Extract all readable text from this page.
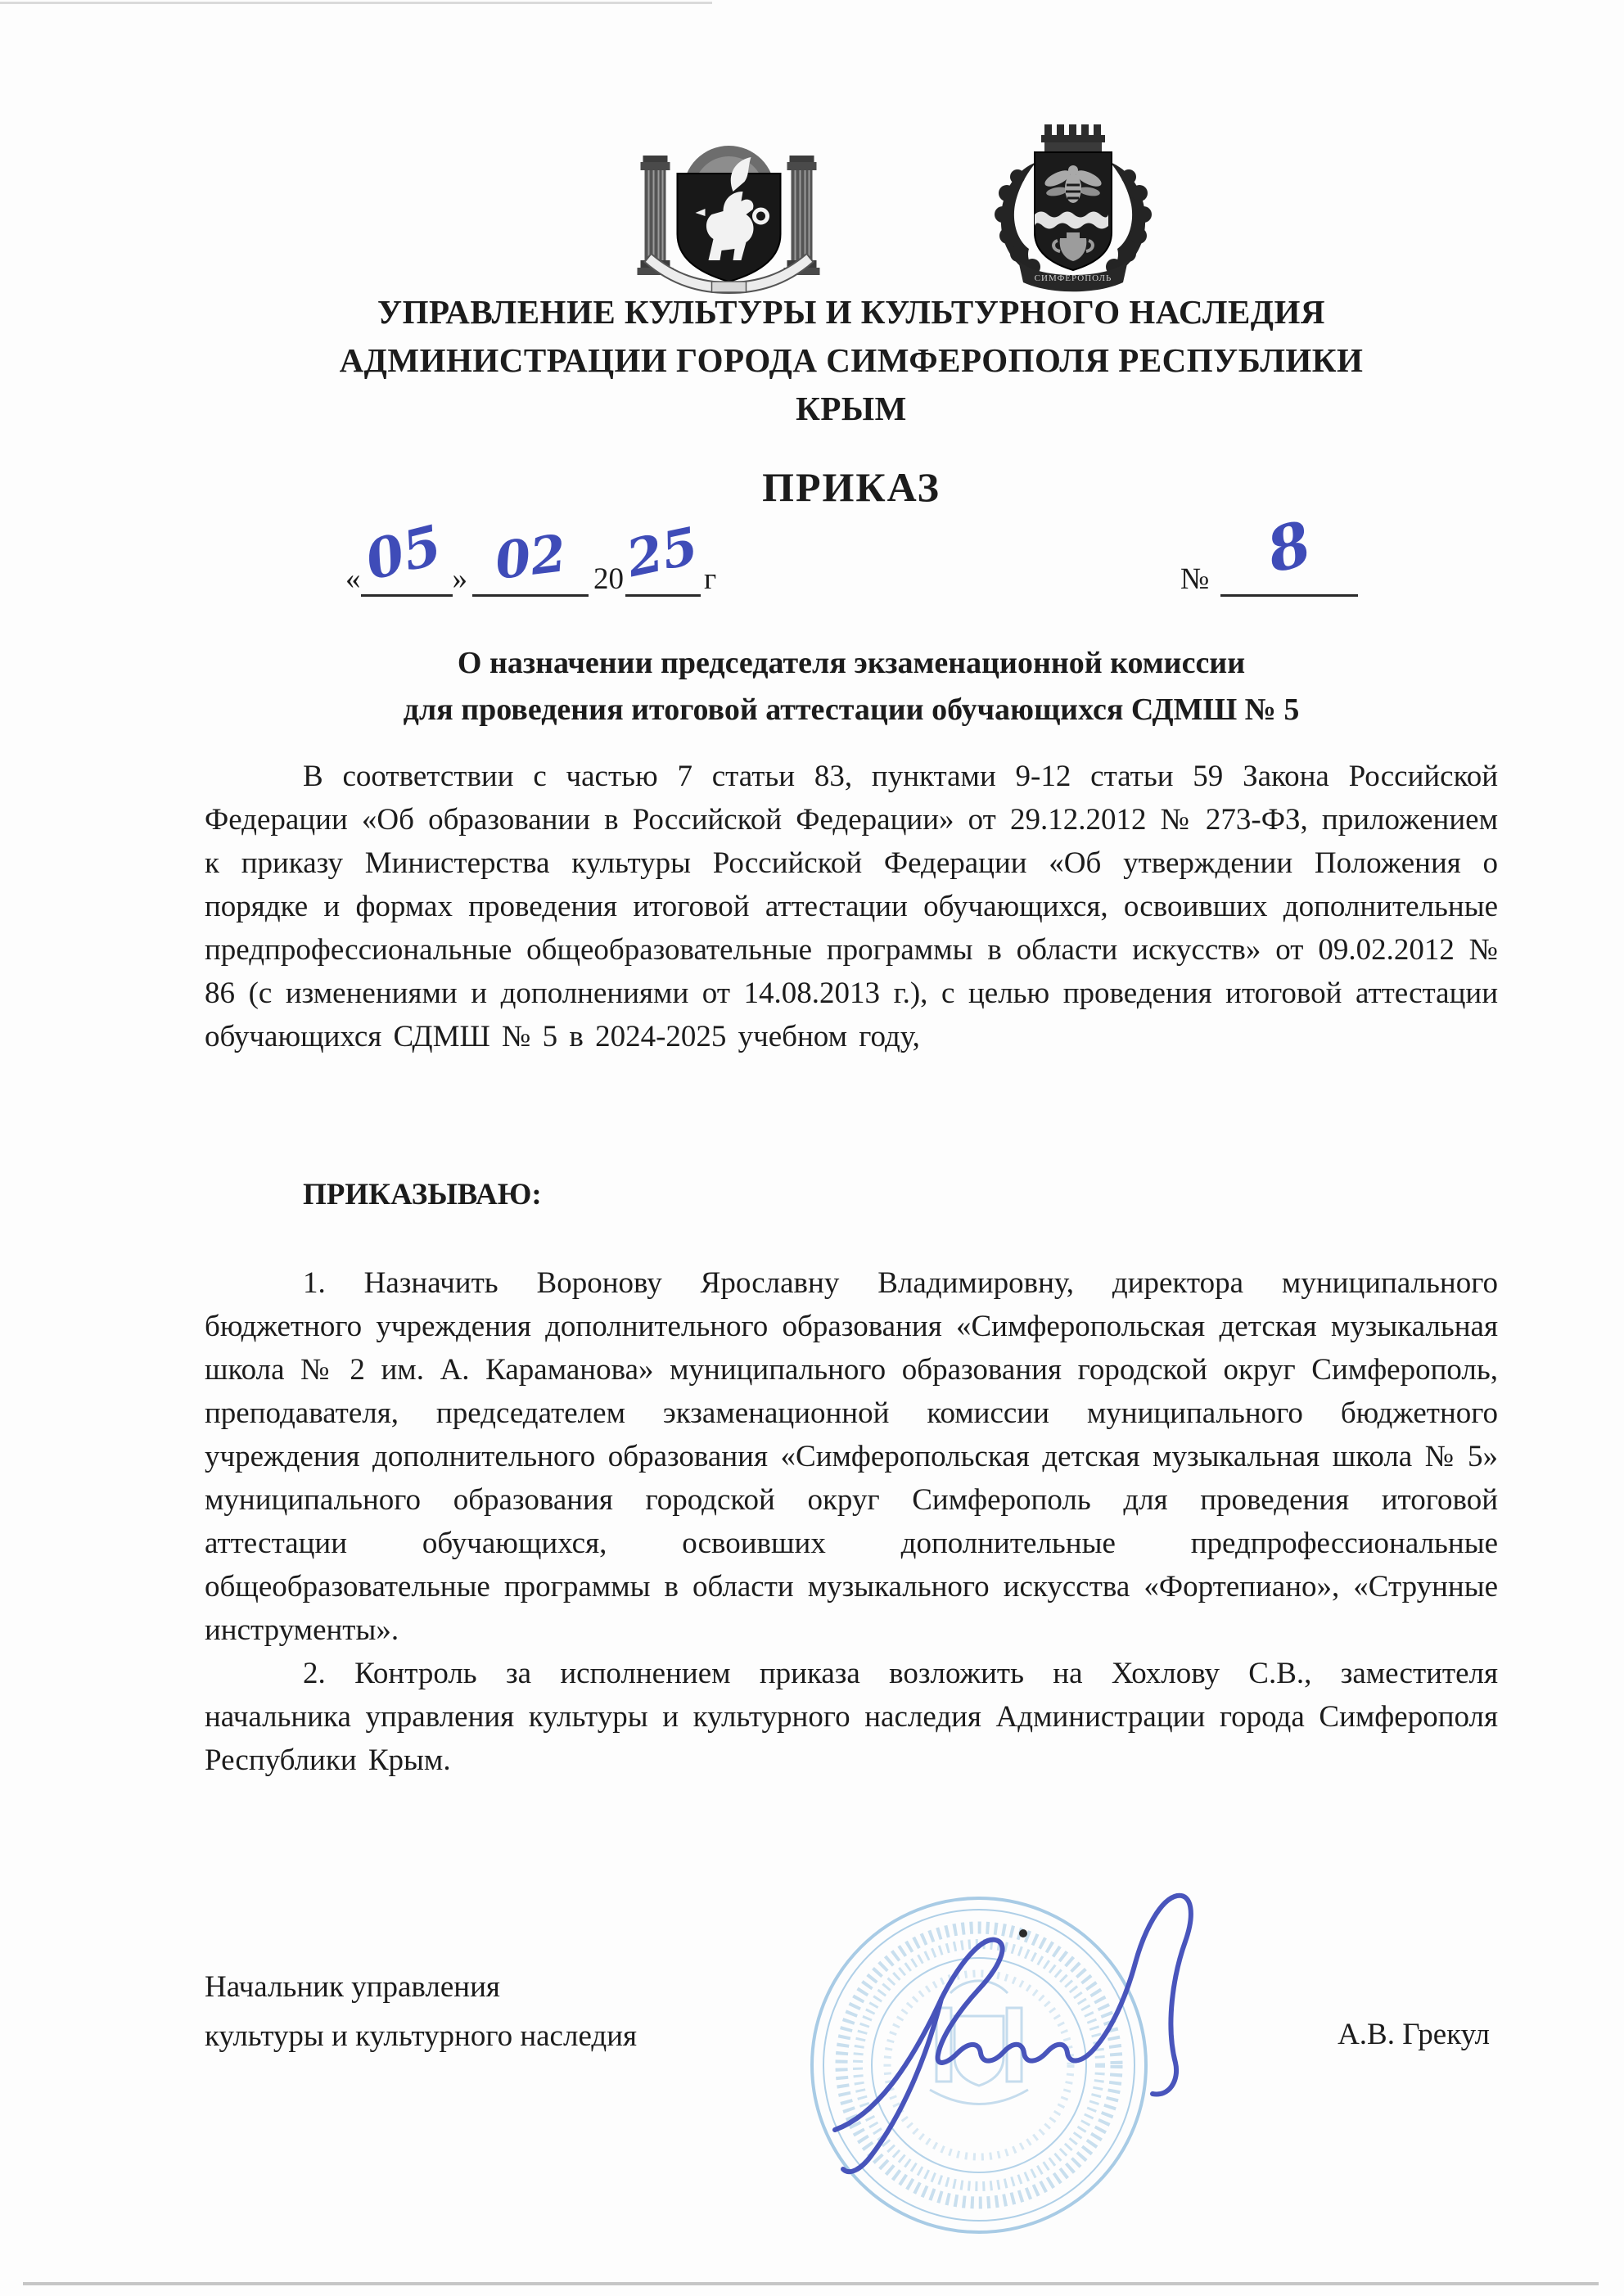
СИМФЕРОПОЛЬ
УПРАВЛЕНИЕ КУЛЬТУРЫ И КУЛЬТУРНОГО НАСЛЕДИЯ
АДМИНИСТРАЦИИ ГОРОДА СИМФЕРОПОЛЯ РЕСПУБЛИКИ
КРЫМ
ПРИКАЗ
«
05 » 02 20
25 г	№ 8
О назначении председателя экзаменационной комиссии
для проведения итоговой аттестации обучающихся СДМШ № 5

В соответствии с частью 7 статьи 83, пунктами 9-12 статьи 59 Закона Российской Федерации «Об образовании в Российской Федерации» от 29.12.2012 № 273-ФЗ, приложением к приказу Министерства культуры Российской Федерации «Об утверждении Положения о порядке и формах проведения итоговой аттестации обучающихся, освоивших дополнительные предпрофессиональные общеобразовательные программы в области искусств» от 09.02.2012 № 86 (с изменениями и дополнениями от 14.08.2013 г.), с целью проведения итоговой аттестации обучающихся СДМШ № 5 в 2024-2025 учебном году,

ПРИКАЗЫВАЮ:

1. Назначить Воронову Ярославну Владимировну, директора муниципального бюджетного учреждения дополнительного образования «Симферопольская детская музыкальная школа № 2 им. А. Караманова» муниципального образования городской округ Симферополь, преподавателя, председателем экзаменационной комиссии муниципального бюджетного учреждения дополнительного образования «Симферопольская детская музыкальная школа № 5» муниципального образования городской округ Симферополь для проведения итоговой аттестации обучающихся, освоивших дополнительные предпрофессиональные общеобразовательные программы в области музыкального искусства «Фортепиано», «Струнные инструменты».

2. Контроль за исполнением приказа возложить на Хохлову С.В., заместителя начальника управления культуры и культурного наследия Администрации города Симферополя Республики Крым.

Начальник управления
культуры и культурного наследия	А.В. Грекул
